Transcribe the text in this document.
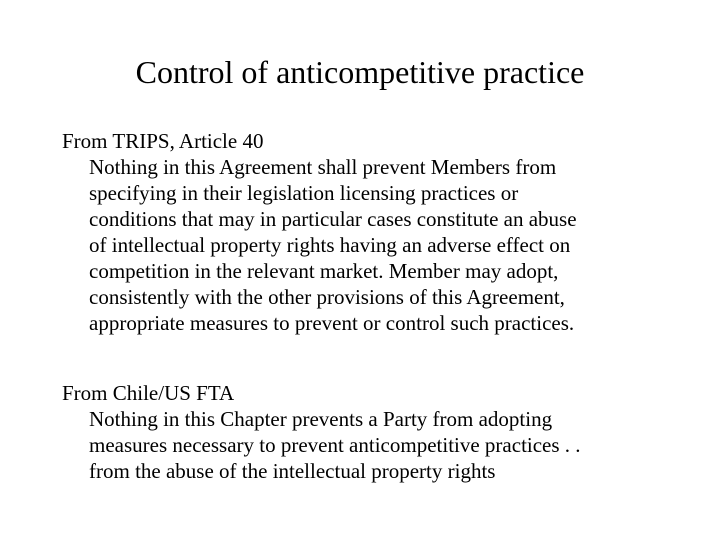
Control of anticompetitive practice
From TRIPS, Article 40
Nothing in this Agreement shall prevent Members from
specifying in their legislation licensing practices or
conditions that may in particular cases constitute an abuse
of intellectual property rights having an adverse effect on
competition in the relevant market. Member may adopt,
consistently with the other provisions of this Agreement,
appropriate measures to prevent or control such practices.
From Chile/US FTA
Nothing in this Chapter prevents a Party from adopting
measures necessary to prevent anticompetitive practices . .
from the abuse of the intellectual property rights
